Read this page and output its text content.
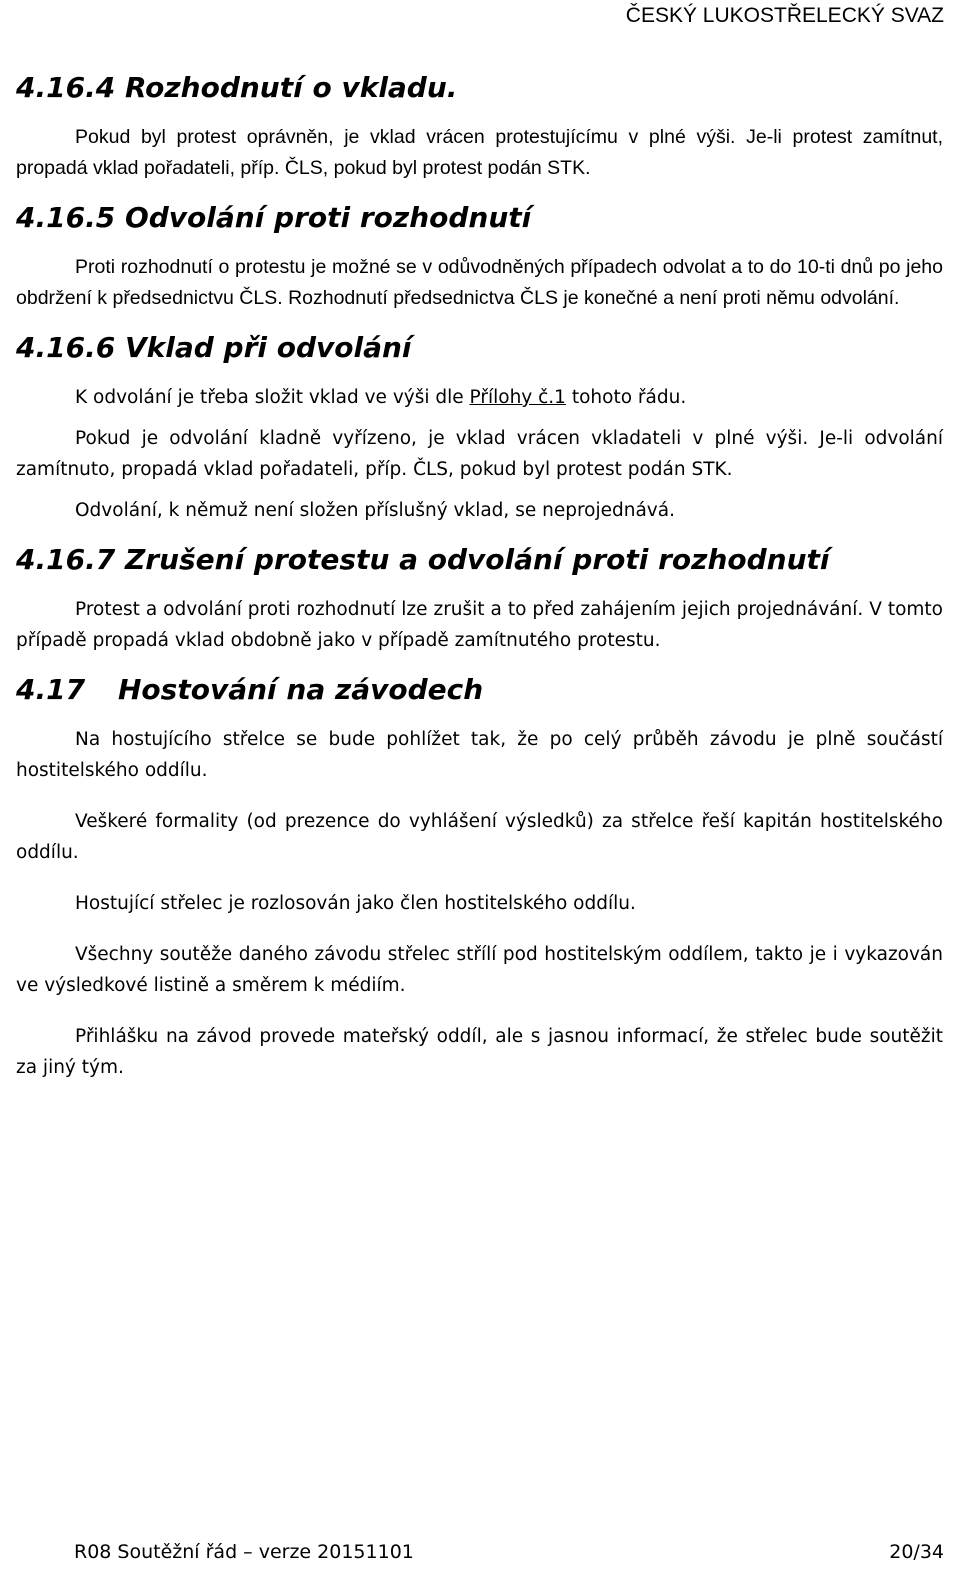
ČESKÝ LUKOSTŘELECKÝ SVAZ
4.16.4 Rozhodnutí o vkladu.

Pokud byl protest oprávněn, je vklad vrácen protestujícímu v plné výši. Je-li protest zamítnut, propadá vklad pořadateli, příp. ČLS, pokud byl protest podán STK.

4.16.5 Odvolání proti rozhodnutí

Proti rozhodnutí o protestu je možné se v odůvodněných případech odvolat a to do 10-ti dnů po jeho obdržení k předsednictvu ČLS. Rozhodnutí předsednictva ČLS je konečné a není proti němu odvolání.

4.16.6 Vklad při odvolání

K odvolání je třeba složit vklad ve výši dle Přílohy č.1 tohoto řádu.

Pokud je odvolání kladně vyřízeno, je vklad vrácen vkladateli v plné výši. Je-li odvolání zamítnuto, propadá vklad pořadateli, příp. ČLS, pokud byl protest podán STK.

Odvolání, k němuž není složen příslušný vklad, se neprojednává.

4.16.7 Zrušení protestu a odvolání proti rozhodnutí

Protest a odvolání proti rozhodnutí lze zrušit a to před zahájením jejich projednávání. V tomto případě propadá vklad obdobně jako v případě zamítnutého protestu.

4.17 Hostování na závodech

Na hostujícího střelce se bude pohlížet tak, že po celý průběh závodu je plně součástí hostitelského oddílu.

Veškeré formality (od prezence do vyhlášení výsledků) za střelce řeší kapitán hostitelského oddílu.

Hostující střelec je rozlosován jako člen hostitelského oddílu.

Všechny soutěže daného závodu střelec střílí pod hostitelským oddílem, takto je i vykazován ve výsledkové listině a směrem k médiím.

Přihlášku na závod provede mateřský oddíl, ale s jasnou informací, že střelec bude soutěžit za jiný tým.

R08 Soutěžní řád – verze 20151101	20/34
